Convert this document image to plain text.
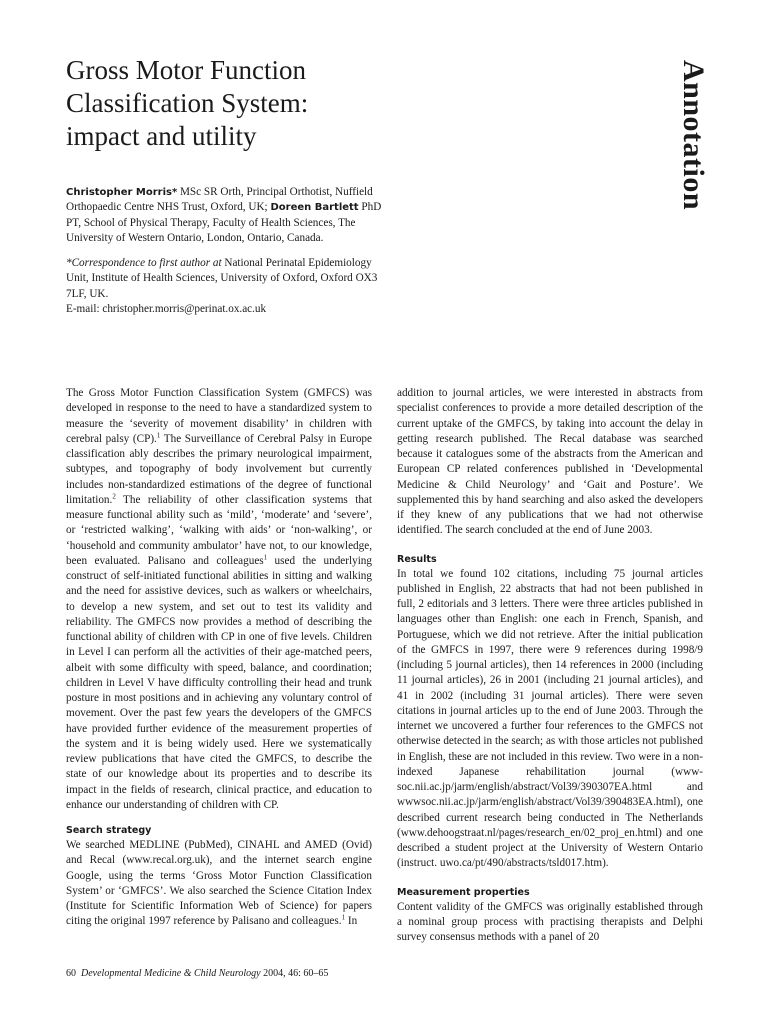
Gross Motor Function
Classification System:
impact and utility	Annotation

Christopher Morris* MSc SR Orth, Principal Orthotist, Nuffield Orthopaedic Centre NHS Trust, Oxford, UK; Doreen Bartlett PhD PT, School of Physical Therapy, Faculty of Health Sciences, The University of Western Ontario, London, Ontario, Canada.

*Correspondence to first author at National Perinatal Epidemiology Unit, Institute of Health Sciences, University of Oxford, Oxford OX3 7LF, UK.
E-mail: christopher.morris@perinat.ox.ac.uk

The Gross Motor Function Classification System (GMFCS) was developed in response to the need to have a standardized system to measure the ‘severity of movement disability’ in children with cerebral palsy (CP).$^1$ The Surveillance of Cerebral Palsy in Europe classification ably describes the primary neurological impairment, subtypes, and topography of body involvement but currently includes non-standardized estimations of the degree of functional limitation.$^2$ The reliability of other classification systems that measure functional ability such as ‘mild’, ‘moderate’ and ‘severe’, or ‘restricted walking’, ‘walking with aids’ or ‘non-walking’, or ‘household and community ambulator’ have not, to our knowledge, been evaluated. Palisano and colleagues$^1$ used the underlying construct of self-initiated functional abilities in sitting and walking and the need for assistive devices, such as walkers or wheelchairs, to develop a new system, and set out to test its validity and reliability. The GMFCS now provides a method of describing the functional ability of children with CP in one of five levels. Children in Level I can perform all the activities of their age-matched peers, albeit with some difficulty with speed, balance, and coordination; children in Level V have difficulty controlling their head and trunk posture in most positions and in achieving any voluntary control of movement. Over the past few years the developers of the GMFCS have provided further evidence of the measurement properties of the system and it is being widely used. Here we systematically review publications that have cited the GMFCS, to describe the state of our knowledge about its properties and to describe its impact in the fields of research, clinical practice, and education to enhance our understanding of children with CP.

Search strategy

We searched MEDLINE (PubMed), CINAHL and AMED (Ovid) and Recal (www.recal.org.uk), and the internet search engine Google, using the terms ‘Gross Motor Function Classification System’ or ‘GMFCS’. We also searched the Science Citation Index (Institute for Scientific Information Web of Science) for papers citing the original 1997 reference by Palisano and colleagues.$^1$ In

addition to journal articles, we were interested in abstracts from specialist conferences to provide a more detailed description of the current uptake of the GMFCS, by taking into account the delay in getting research published. The Recal database was searched because it catalogues some of the abstracts from the American and European CP related conferences published in ‘Developmental Medicine & Child Neurology’ and ‘Gait and Posture’. We supplemented this by hand searching and also asked the developers if they knew of any publications that we had not otherwise identified. The search concluded at the end of June 2003.

Results

In total we found 102 citations, including 75 journal articles published in English, 22 abstracts that had not been published in full, 2 editorials and 3 letters. There were three articles published in languages other than English: one each in French, Spanish, and Portuguese, which we did not retrieve. After the initial publication of the GMFCS in 1997, there were 9 references during 1998/9 (including 5 journal articles), then 14 references in 2000 (including 11 journal articles), 26 in 2001 (including 21 journal articles), and 41 in 2002 (including 31 journal articles). There were seven citations in journal articles up to the end of June 2003. Through the internet we uncovered a further four references to the GMFCS not otherwise detected in the search; as with those articles not published in English, these are not included in this review. Two were in a non-indexed Japanese rehabilitation journal (www-soc.nii.ac.jp/jarm/english/abstract/Vol39/390307EA.html and wwwsoc.nii.ac.jp/jarm/english/abstract/Vol39/390483EA.html), one described current research being conducted in The Netherlands (www.dehoogstraat.nl/pages/research_en/02_proj_en.html) and one described a student project at the University of Western Ontario (instruct. uwo.ca/pt/490/abstracts/tsld017.htm).

Measurement properties

Content validity of the GMFCS was originally established through a nominal group process with practising therapists and Delphi survey consensus methods with a panel of 20

60 Developmental Medicine & Child Neurology 2004, 46: 60–65
